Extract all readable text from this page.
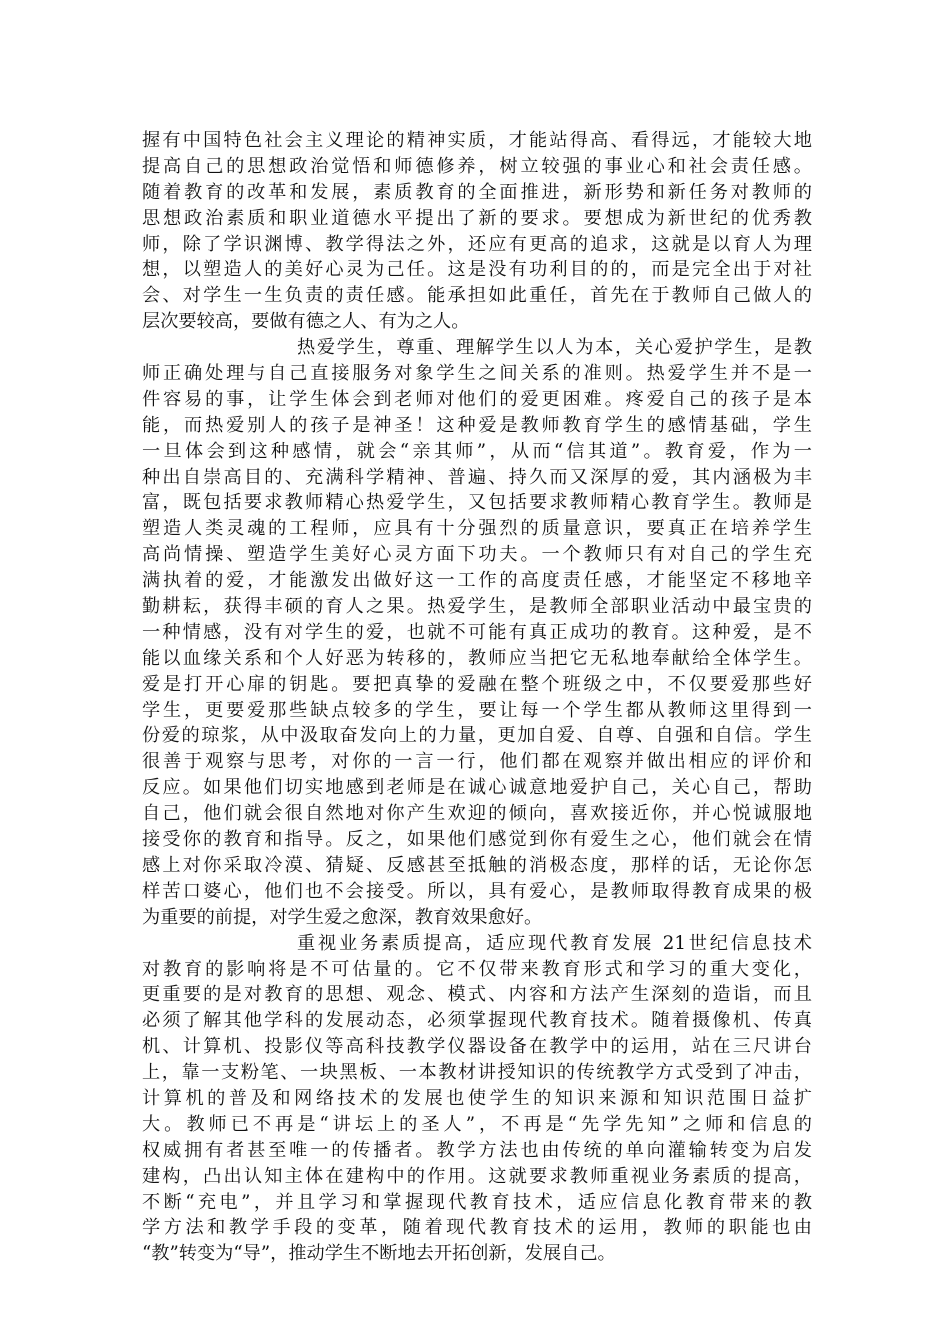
握有中国特色社会主义理论的精神实质，才能站得高、看得远，才能较大地
提高自己的思想政治觉悟和师德修养，树立较强的事业心和社会责任感。
随着教育的改革和发展，素质教育的全面推进，新形势和新任务对教师的
思想政治素质和职业道德水平提出了新的要求。要想成为新世纪的优秀教
师，除了学识渊博、教学得法之外，还应有更高的追求，这就是以育人为理
想，以塑造人的美好心灵为己任。这是没有功利目的的，而是完全出于对社
会、对学生一生负责的责任感。能承担如此重任，首先在于教师自己做人的
层次要较高，要做有德之人、有为之人。
热爱学生，尊重、理解学生以人为本，关心爱护学生，是教
师正确处理与自己直接服务对象学生之间关系的准则。热爱学生并不是一
件容易的事，让学生体会到老师对他们的爱更困难。疼爱自己的孩子是本
能，而热爱别人的孩子是神圣！这种爱是教师教育学生的感情基础，学生
一旦体会到这种感情，就会“亲其师”，从而“信其道”。教育爱，作为一
种出自崇高目的、充满科学精神、普遍、持久而又深厚的爱，其内涵极为丰
富，既包括要求教师精心热爱学生，又包括要求教师精心教育学生。教师是
塑造人类灵魂的工程师，应具有十分强烈的质量意识，要真正在培养学生
高尚情操、塑造学生美好心灵方面下功夫。一个教师只有对自己的学生充
满执着的爱，才能激发出做好这一工作的高度责任感，才能坚定不移地辛
勤耕耘，获得丰硕的育人之果。热爱学生，是教师全部职业活动中最宝贵的
一种情感，没有对学生的爱，也就不可能有真正成功的教育。这种爱，是不
能以血缘关系和个人好恶为转移的，教师应当把它无私地奉献给全体学生。
爱是打开心扉的钥匙。要把真挚的爱融在整个班级之中，不仅要爱那些好
学生，更要爱那些缺点较多的学生，要让每一个学生都从教师这里得到一
份爱的琼浆，从中汲取奋发向上的力量，更加自爱、自尊、自强和自信。学生
很善于观察与思考，对你的一言一行，他们都在观察并做出相应的评价和
反应。如果他们切实地感到老师是在诚心诚意地爱护自己，关心自己，帮助
自己，他们就会很自然地对你产生欢迎的倾向，喜欢接近你，并心悦诚服地
接受你的教育和指导。反之，如果他们感觉到你有爱生之心，他们就会在情
感上对你采取冷漠、猜疑、反感甚至抵触的消极态度，那样的话，无论你怎
样苦口婆心，他们也不会接受。所以，具有爱心，是教师取得教育成果的极
为重要的前提，对学生爱之愈深，教育效果愈好。
重视业务素质提高，适应现代教育发展 21世纪信息技术
对教育的影响将是不可估量的。它不仅带来教育形式和学习的重大变化，
更重要的是对教育的思想、观念、模式、内容和方法产生深刻的造诣，而且
必须了解其他学科的发展动态，必须掌握现代教育技术。随着摄像机、传真
机、计算机、投影仪等高科技教学仪器设备在教学中的运用，站在三尺讲台
上，靠一支粉笔、一块黑板、一本教材讲授知识的传统教学方式受到了冲击，
计算机的普及和网络技术的发展也使学生的知识来源和知识范围日益扩
大。教师已不再是“讲坛上的圣人”，不再是“先学先知”之师和信息的
权威拥有者甚至唯一的传播者。教学方法也由传统的单向灌输转变为启发
建构，凸出认知主体在建构中的作用。这就要求教师重视业务素质的提高，
不断“充电”，并且学习和掌握现代教育技术，适应信息化教育带来的教
学方法和教学手段的变革，随着现代教育技术的运用，教师的职能也由
“教”转变为“导”，推动学生不断地去开拓创新，发展自己。
